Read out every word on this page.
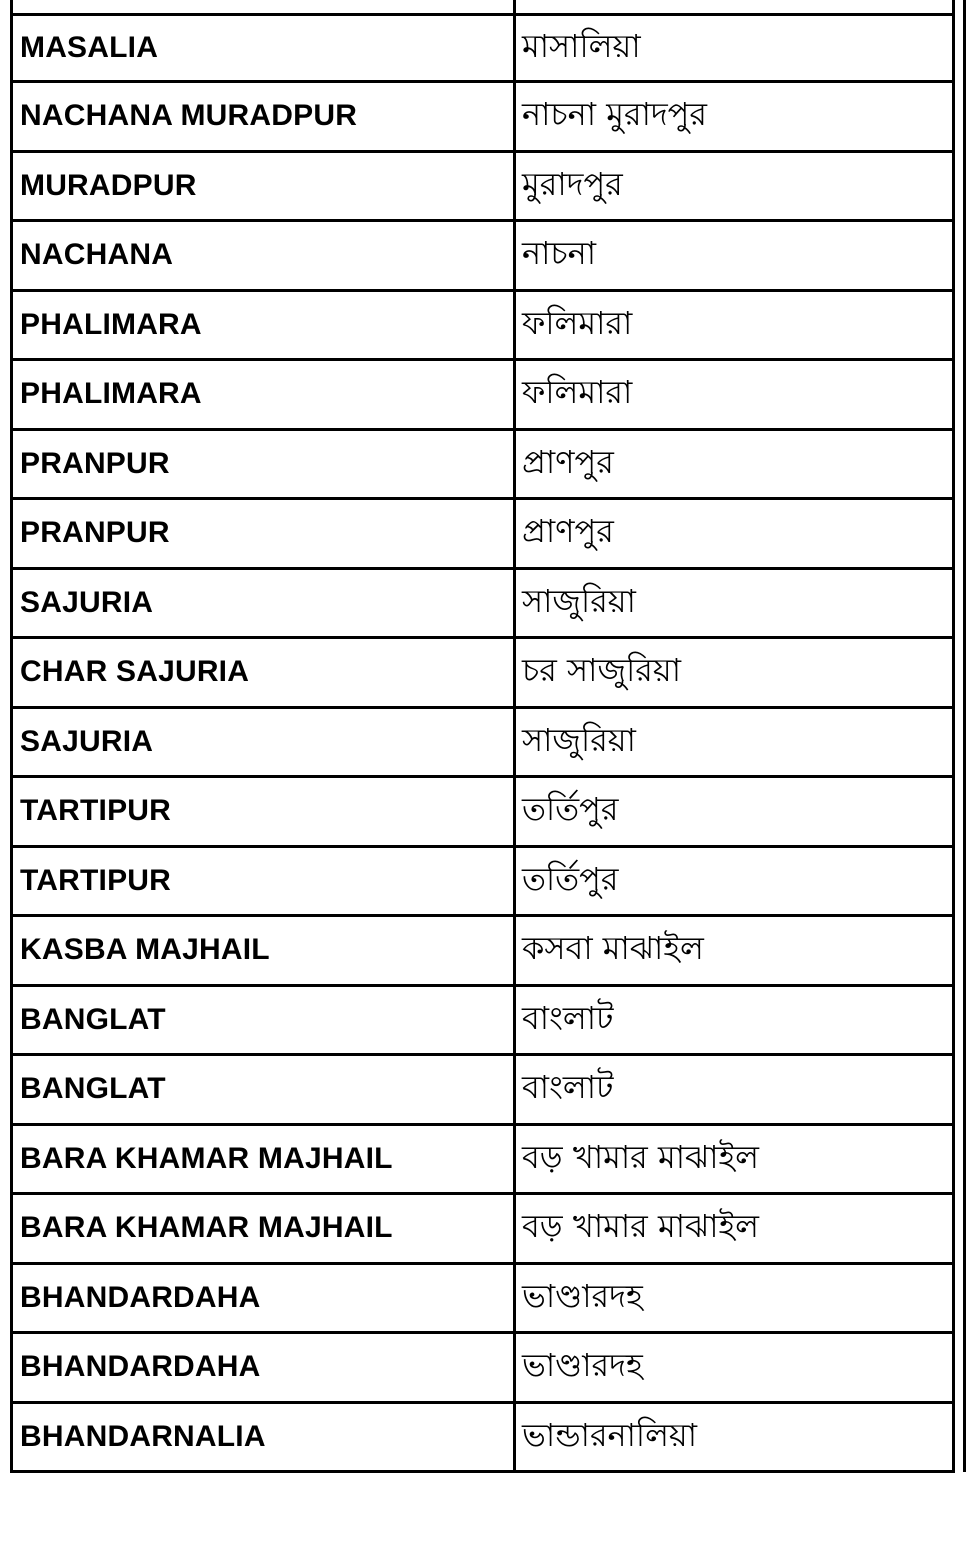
MASALIA	মাসালিয়া
NACHANA MURADPUR	নাচনা মুরাদপুর
MURADPUR	মুরাদপুর
NACHANA	নাচনা
PHALIMARA	ফলিমারা
PHALIMARA	ফলিমারা
PRANPUR	প্রাণপুর
PRANPUR	প্রাণপুর
SAJURIA	সাজুরিয়া
CHAR SAJURIA	চর সাজুরিয়া
SAJURIA	সাজুরিয়া
TARTIPUR	তর্তিপুর
TARTIPUR	তর্তিপুর
KASBA MAJHAIL	কসবা মাঝাইল
BANGLAT	বাংলাট
BANGLAT	বাংলাট
BARA KHAMAR MAJHAIL	বড় খামার মাঝাইল
BARA KHAMAR MAJHAIL	বড় খামার মাঝাইল
BHANDARDAHA	ভাণ্ডারদহ
BHANDARDAHA	ভাণ্ডারদহ
BHANDARNALIA	ভান্ডারনালিয়া
